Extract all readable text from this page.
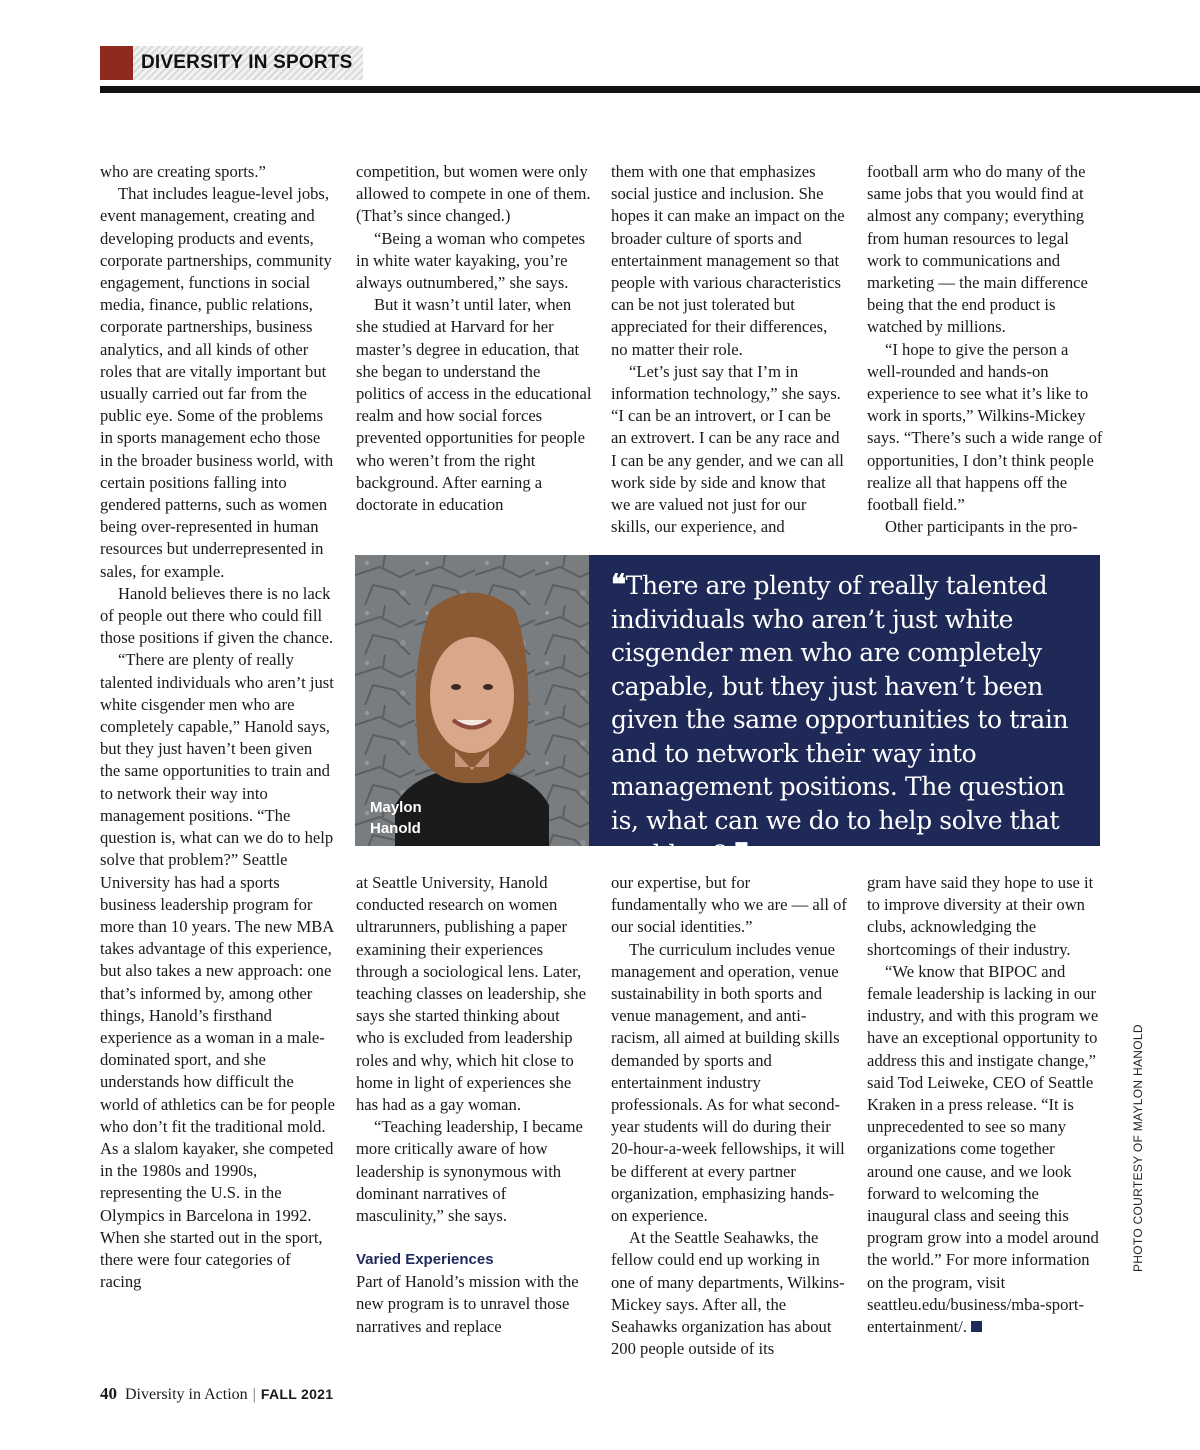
DIVERSITY IN SPORTS

who are creating sports.”

That includes league-level jobs, event management, creating and developing products and events, corporate partnerships, community engagement, functions in social media, finance, public relations, corporate partnerships, business analytics, and all kinds of other roles that are vitally important but usually carried out far from the public eye. Some of the problems in sports management echo those in the broader business world, with certain positions falling into gendered patterns, such as women being over-represented in human resources but underrepresented in sales, for example.

Hanold believes there is no lack of people out there who could fill those positions if given the chance.

“There are plenty of really talented individuals who aren’t just white cisgender men who are completely capable,” Hanold says, but they just haven’t been given the same opportunities to train and to network their way into management positions. “The question is, what can we do to help solve that problem?” Seattle University has had a sports business leadership program for more than 10 years. The new MBA takes advantage of this experience, but also takes a new approach: one that’s informed by, among other things, Hanold’s firsthand experience as a woman in a male-dominated sport, and she understands how difficult the world of athletics can be for people who don’t fit the traditional mold. As a slalom kayaker, she competed in the 1980s and 1990s, representing the U.S. in the Olympics in Barcelona in 1992. When she started out in the sport, there were four categories of racing

competition, but women were only allowed to compete in one of them. (That’s since changed.)

“Being a woman who competes in white water kayaking, you’re always outnumbered,” she says.

But it wasn’t until later, when she studied at Harvard for her master’s degree in education, that she began to understand the politics of access in the educational realm and how social forces prevented opportunities for people who weren’t from the right background. After earning a doctorate in education

them with one that emphasizes social justice and inclusion. She hopes it can make an impact on the broader culture of sports and entertainment management so that people with various characteristics can be not just tolerated but appreciated for their differences, no matter their role.

“Let’s just say that I’m in information technology,” she says. “I can be an introvert, or I can be an extrovert. I can be any race and I can be any gender, and we can all work side by side and know that we are valued not just for our skills, our experience, and

football arm who do many of the same jobs that you would find at almost any company; everything from human resources to legal work to communications and marketing — the main difference being that the end product is watched by millions.

“I hope to give the person a well-rounded and hands-on experience to see what it’s like to work in sports,” Wilkins-Mickey says. “There’s such a wide range of opportunities, I don’t think people realize all that happens off the football field.”

Other participants in the pro-

Maylon
Hanold
❝There are plenty of really talented individuals who aren’t just white cisgender men who are completely capable, but they just haven’t been given the same opportunities to train and to network their way into management positions. The question is, what can we do to help solve that problem? ❞ — MAYLON HANOLD

at Seattle University, Hanold conducted research on women ultrarunners, publishing a paper examining their experiences through a sociological lens. Later, teaching classes on leadership, she says she started thinking about who is excluded from leadership roles and why, which hit close to home in light of experiences she has had as a gay woman.

“Teaching leadership, I became more critically aware of how leadership is synonymous with dominant narratives of masculinity,” she says.

Varied Experiences

Part of Hanold’s mission with the new program is to unravel those narratives and replace

our expertise, but for fundamentally who we are — all of our social identities.”

The curriculum includes venue management and operation, venue sustainability in both sports and venue management, and anti-racism, all aimed at building skills demanded by sports and entertainment industry professionals. As for what second-year students will do during their 20-hour-a-week fellowships, it will be different at every partner organization, emphasizing hands-on experience.

At the Seattle Seahawks, the fellow could end up working in one of many departments, Wilkins-Mickey says. After all, the Seahawks organization has about 200 people outside of its

gram have said they hope to use it to improve diversity at their own clubs, acknowledging the shortcomings of their industry.

“We know that BIPOC and female leadership is lacking in our industry, and with this program we have an exceptional opportunity to address this and instigate change,” said Tod Leiweke, CEO of Seattle Kraken in a press release. “It is unprecedented to see so many organizations come together around one cause, and we look forward to welcoming the inaugural class and seeing this program grow into a model around the world.” For more information on the program, visit seattleu.edu/business/mba-sport-entertainment/.

PHOTO COURTESY OF MAYLON HANOLD
40 Diversity in Action | FALL 2021
